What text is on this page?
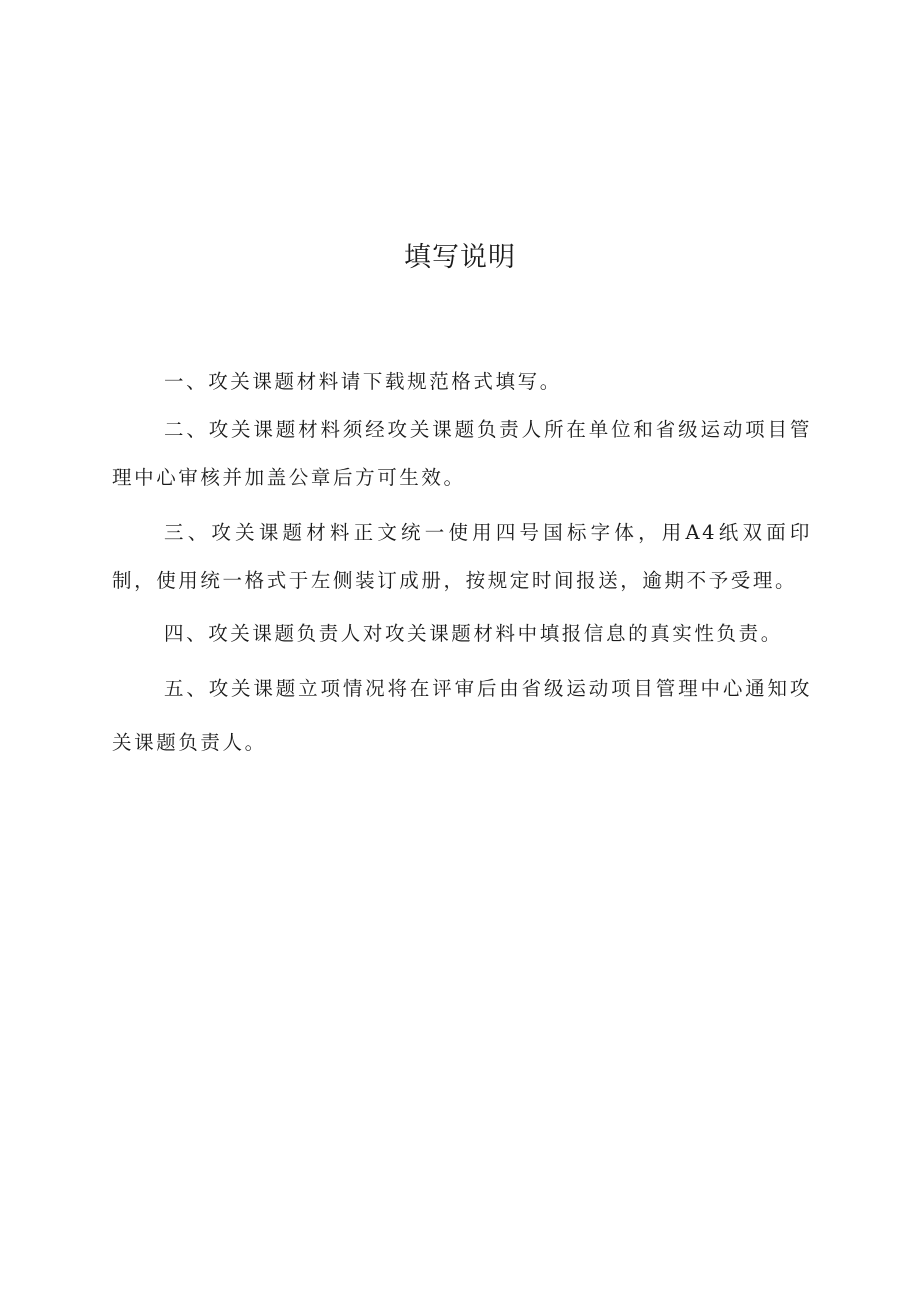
填写说明

一、攻关课题材料请下载规范格式填写。

二、攻关课题材料须经攻关课题负责人所在单位和省级运动项目管理中心审核并加盖公章后方可生效。

三、攻关课题材料正文统一使用四号国标字体，用A4纸双面印制，使用统一格式于左侧装订成册，按规定时间报送，逾期不予受理。

四、攻关课题负责人对攻关课题材料中填报信息的真实性负责。

五、攻关课题立项情况将在评审后由省级运动项目管理中心通知攻关课题负责人。
